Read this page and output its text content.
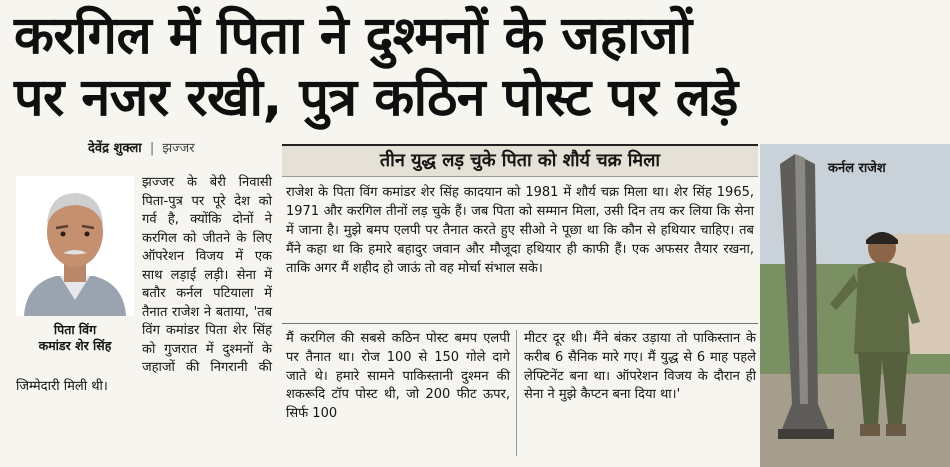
करगिल में पिता ने दुश्मनों के जहाजों
पर नजर रखी, पुत्र कठिन पोस्ट पर लड़े
देवेंद्र शुक्ला | झज्जर
पिता विंग
कमांडर शेर सिंह
झज्जर के बेरी निवासी पिता-पुत्र पर पूरे देश को गर्व है, क्योंकि दोनों ने करगिल को जीतने के लिए ऑपरेशन विजय में एक साथ लड़ाई लड़ी। सेना में बतौर कर्नल पटियाला में तैनात राजेश ने बताया, 'तब विंग कमांडर पिता शेर सिंह को गुजरात में दुश्मनों के जहाजों की निगरानी की जिम्मेदारी मिली थी।
तीन युद्ध लड़ चुके पिता को शौर्य चक्र मिला
राजेश के पिता विंग कमांडर शेर सिंह कादयान को 1981 में शौर्य चक्र मिला था। शेर सिंह 1965, 1971 और करगिल तीनों लड़ चुके हैं। जब पिता को सम्मान मिला, उसी दिन तय कर लिया कि सेना में जाना है। मुझे बमप एलपी पर तैनात करते हुए सीओ ने पूछा था कि कौन से हथियार चाहिए। तब मैंने कहा था कि हमारे बहादुर जवान और मौजूदा हथियार ही काफी हैं। एक अफसर तैयार रखना, ताकि अगर मैं शहीद हो जाऊं तो वह मोर्चा संभाल सके।
मैं करगिल की सबसे कठिन पोस्ट बमप एलपी पर तैनात था। रोज 100 से 150 गोले दागे जाते थे। हमारे सामने पाकिस्तानी दुश्मन की शकरूदि टॉप पोस्ट थी, जो 200 फीट ऊपर, सिर्फ 100
मीटर दूर थी। मैंने बंकर उड़ाया तो पाकिस्तान के करीब 6 सैनिक मारे गए। मैं युद्ध से 6 माह पहले लेफ्टिनेंट बना था। ऑपरेशन विजय के दौरान ही सेना ने मुझे कैप्टन बना दिया था।'
कर्नल राजेश
